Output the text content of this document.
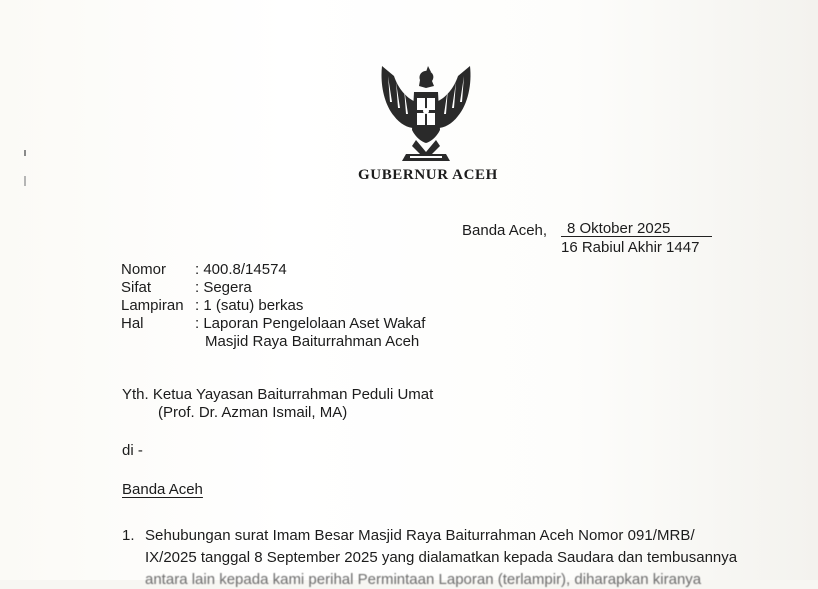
GUBERNUR ACEH
Banda Aceh, 8 Oktober 2025
16 Rabiul Akhir 1447
Nomor : 400.8/14574
Sifat	: Segera
Lampiran : 1 (satu) berkas
Hal	: Laporan Pengelolaan Aset Wakaf
Masjid Raya Baiturrahman Aceh
Yth. Ketua Yayasan Baiturrahman Peduli Umat
(Prof. Dr. Azman Ismail, MA)
di -
Banda Aceh
1. Sehubungan surat Imam Besar Masjid Raya Baiturrahman Aceh Nomor 091/MRB/
IX/2025 tanggal 8 September 2025 yang dialamatkan kepada Saudara dan tembusannya
antara lain kepada kami perihal Permintaan Laporan (terlampir), diharapkan kiranya
